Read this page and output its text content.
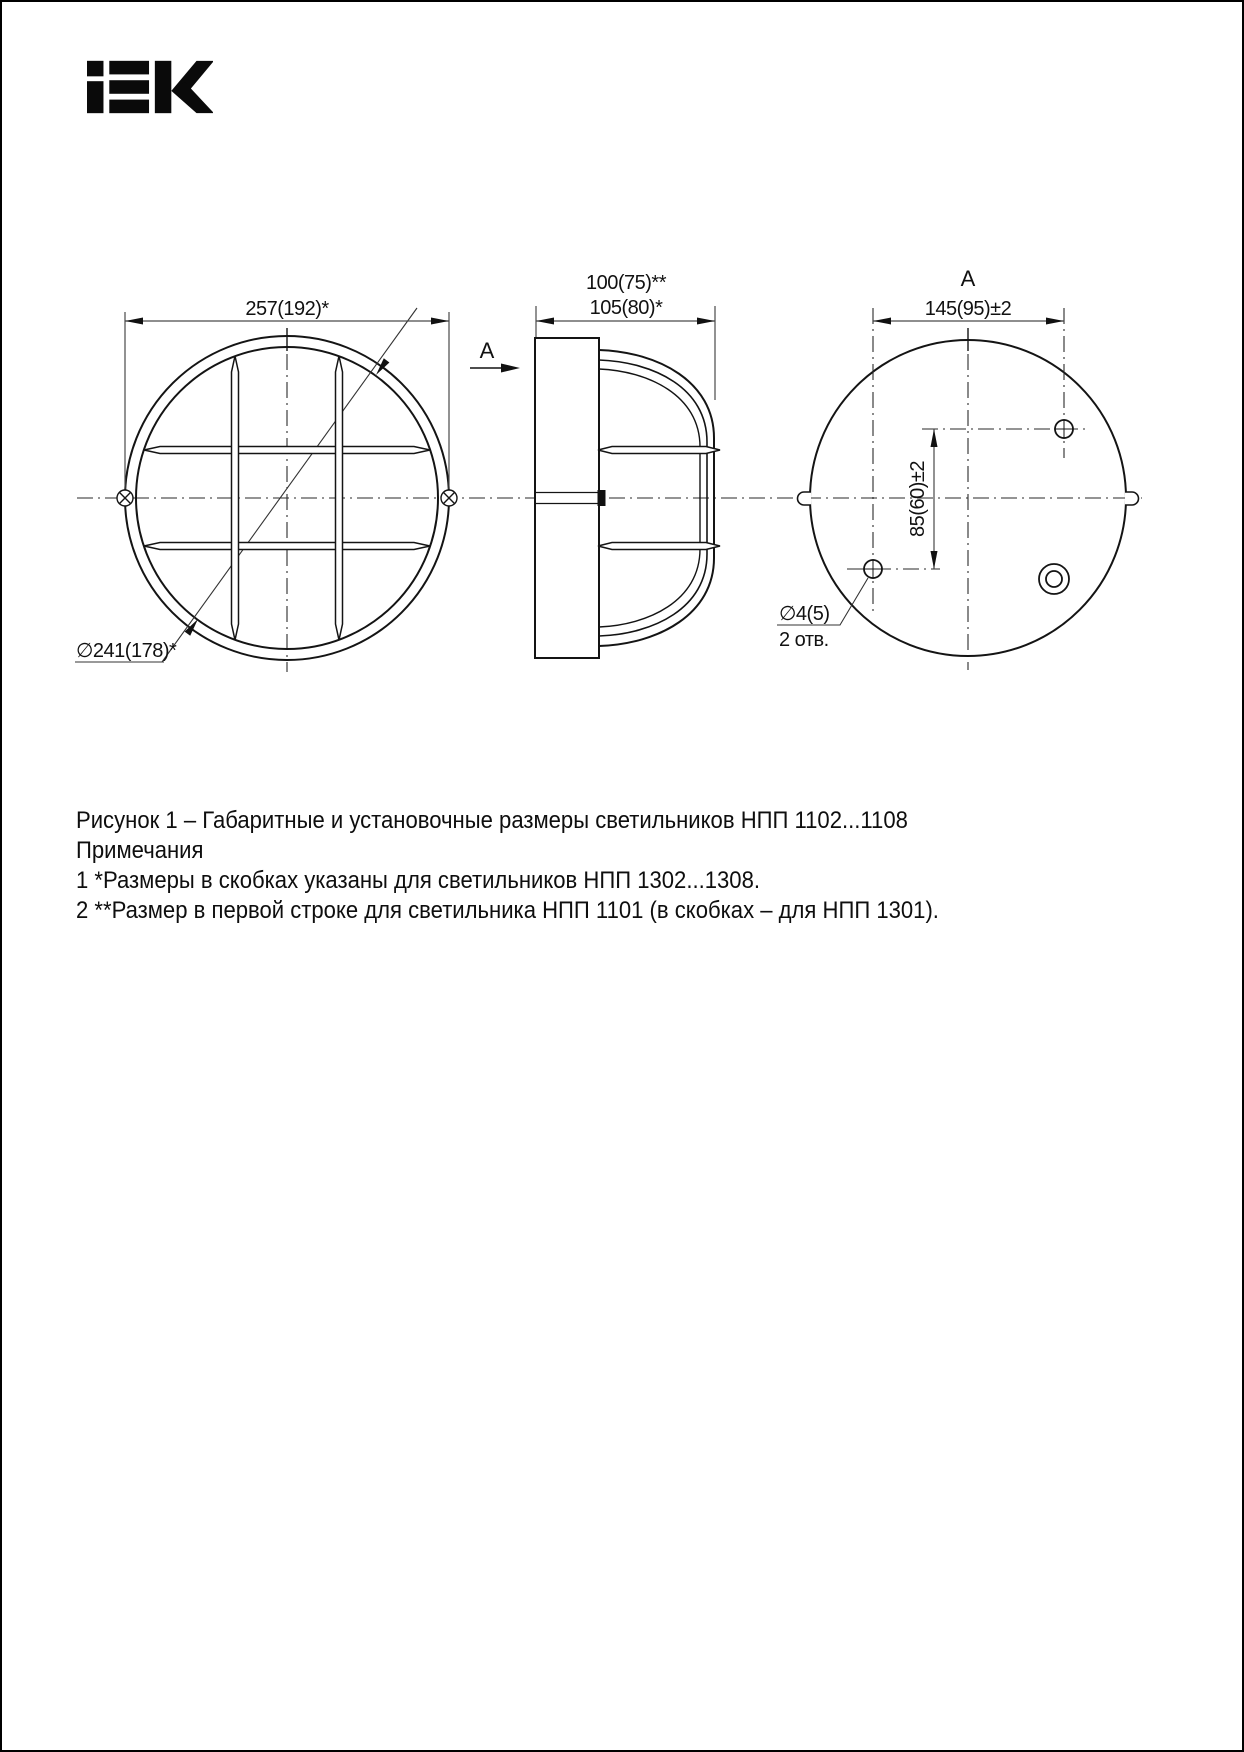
257(192)*
∅241(178)*
100(75)**
105(80)*
А
А
145(95)±2
85(60)±2
∅4(5)
2 отв.
Рисунок 1 – Габаритные и установочные размеры светильников НПП 1102...1108
Примечания
1 *Размеры в скобках указаны для светильников НПП 1302...1308.
2 **Размер в первой строке для светильника НПП 1101 (в скобках – для НПП 1301).
